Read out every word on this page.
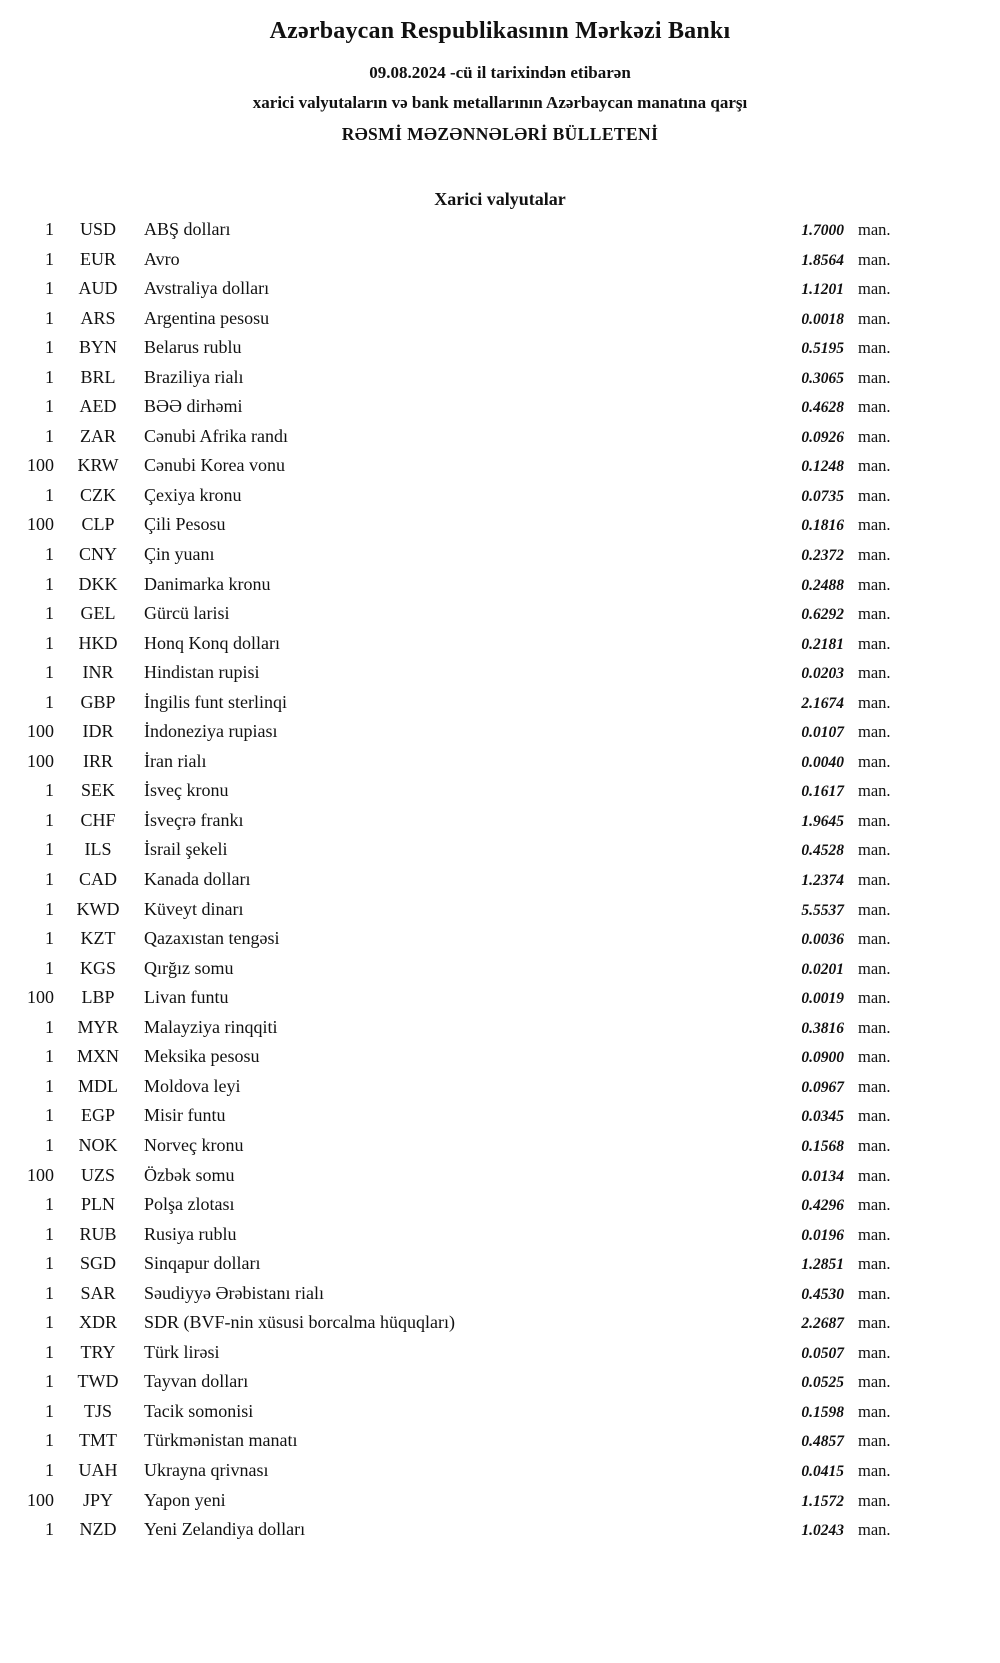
Azərbaycan Respublikasının Mərkəzi Bankı
09.08.2024 -cü il tarixindən etibarən
xarici valyutaların və bank metallarının Azərbaycan manatına qarşı
RƏSMİ MƏZƏNNƏLƏRİ BÜLLETENİ
Xarici valyutalar
1	USD	ABŞ dolları	1.7000 man.
1	EUR	Avro	1.8564 man.
1	AUD	Avstraliya dolları	1.1201 man.
1	ARS	Argentina pesosu	0.0018 man.
1	BYN	Belarus rublu	0.5195 man.
1	BRL	Braziliya rialı	0.3065 man.
1	AED	BƏƏ dirhəmi	0.4628 man.
1	ZAR	Cənubi Afrika randı	0.0926 man.
100	KRW	Cənubi Korea vonu	0.1248 man.
1	CZK	Çexiya kronu	0.0735 man.
100	CLP	Çili Pesosu	0.1816 man.
1	CNY	Çin yuanı	0.2372 man.
1	DKK	Danimarka kronu	0.2488 man.
1	GEL	Gürcü larisi	0.6292 man.
1	HKD	Honq Konq dolları	0.2181 man.
1	INR	Hindistan rupisi	0.0203 man.
1	GBP	İngilis funt sterlinqi	2.1674 man.
100	IDR	İndoneziya rupiası	0.0107 man.
100	IRR	İran rialı	0.0040 man.
1	SEK	İsveç kronu	0.1617 man.
1	CHF	İsveçrə frankı	1.9645 man.
1	ILS	İsrail şekeli	0.4528 man.
1	CAD	Kanada dolları	1.2374 man.
1	KWD	Küveyt dinarı	5.5537 man.
1	KZT	Qazaxıstan tengəsi	0.0036 man.
1	KGS	Qırğız somu	0.0201 man.
100	LBP	Livan funtu	0.0019 man.
1	MYR	Malayziya rinqqiti	0.3816 man.
1	MXN	Meksika pesosu	0.0900 man.
1	MDL	Moldova leyi	0.0967 man.
1	EGP	Misir funtu	0.0345 man.
1	NOK	Norveç kronu	0.1568 man.
100	UZS	Özbək somu	0.0134 man.
1	PLN	Polşa zlotası	0.4296 man.
1	RUB	Rusiya rublu	0.0196 man.
1	SGD	Sinqapur dolları	1.2851 man.
1	SAR	Səudiyyə Ərəbistanı rialı	0.4530 man.
1	XDR	SDR (BVF-nin xüsusi borcalma hüquqları)	2.2687 man.
1	TRY	Türk lirəsi	0.0507 man.
1	TWD	Tayvan dolları	0.0525 man.
1	TJS	Tacik somonisi	0.1598 man.
1	TMT	Türkmənistan manatı	0.4857 man.
1	UAH	Ukrayna qrivnası	0.0415 man.
100	JPY	Yapon yeni	1.1572 man.
1	NZD	Yeni Zelandiya dolları	1.0243 man.
